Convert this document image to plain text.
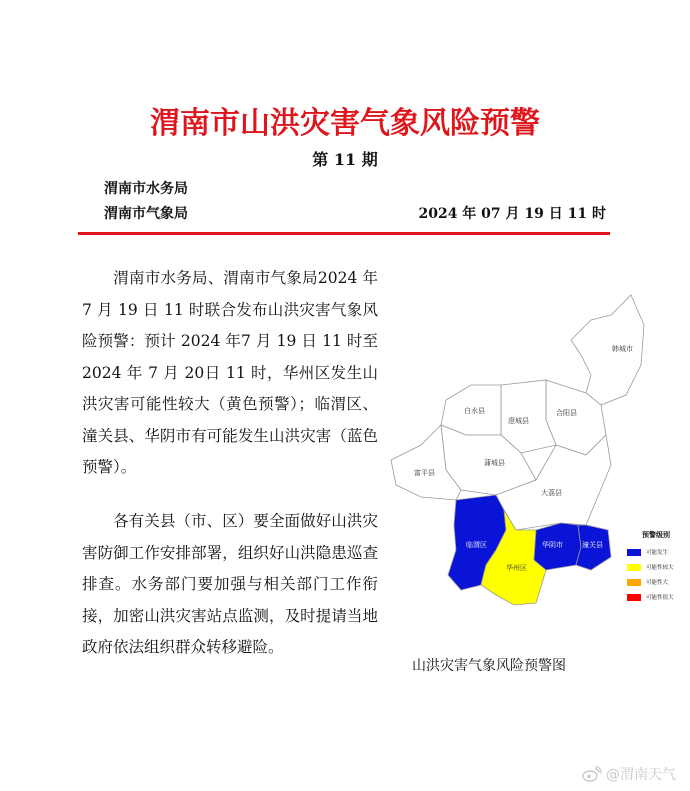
渭南市山洪灾害气象风险预警
第 11 期
渭南市水务局
渭南市气象局	2024 年 07 月 19 日 11 时

渭南市水务局、渭南市气象局2024 年 7 月 19 日 11 时联合发布山洪灾害气象风险预警：预计 2024 年7 月 19 日 11 时至 2024 年 7 月 20日 11 时，华州区发生山洪灾害可能性较大（黄色预警）；临渭区、潼关县、华阴市有可能发生山洪灾害（蓝色预警）。

各有关县（市、区）要全面做好山洪灾害防御工作安排部署，组织好山洪隐患巡查排查。水务部门要加强与相关部门工作衔接，加密山洪灾害站点监测，及时提请当地政府依法组织群众转移避险。

韩城市
白水县
澄城县
合阳县
蒲城县
富平县
大荔县
临渭区
华州区
华阴市	潼关县
预警级别
可能发生
可能性较大
可能性大
可能性很大
山洪灾害气象风险预警图
@渭南天气
